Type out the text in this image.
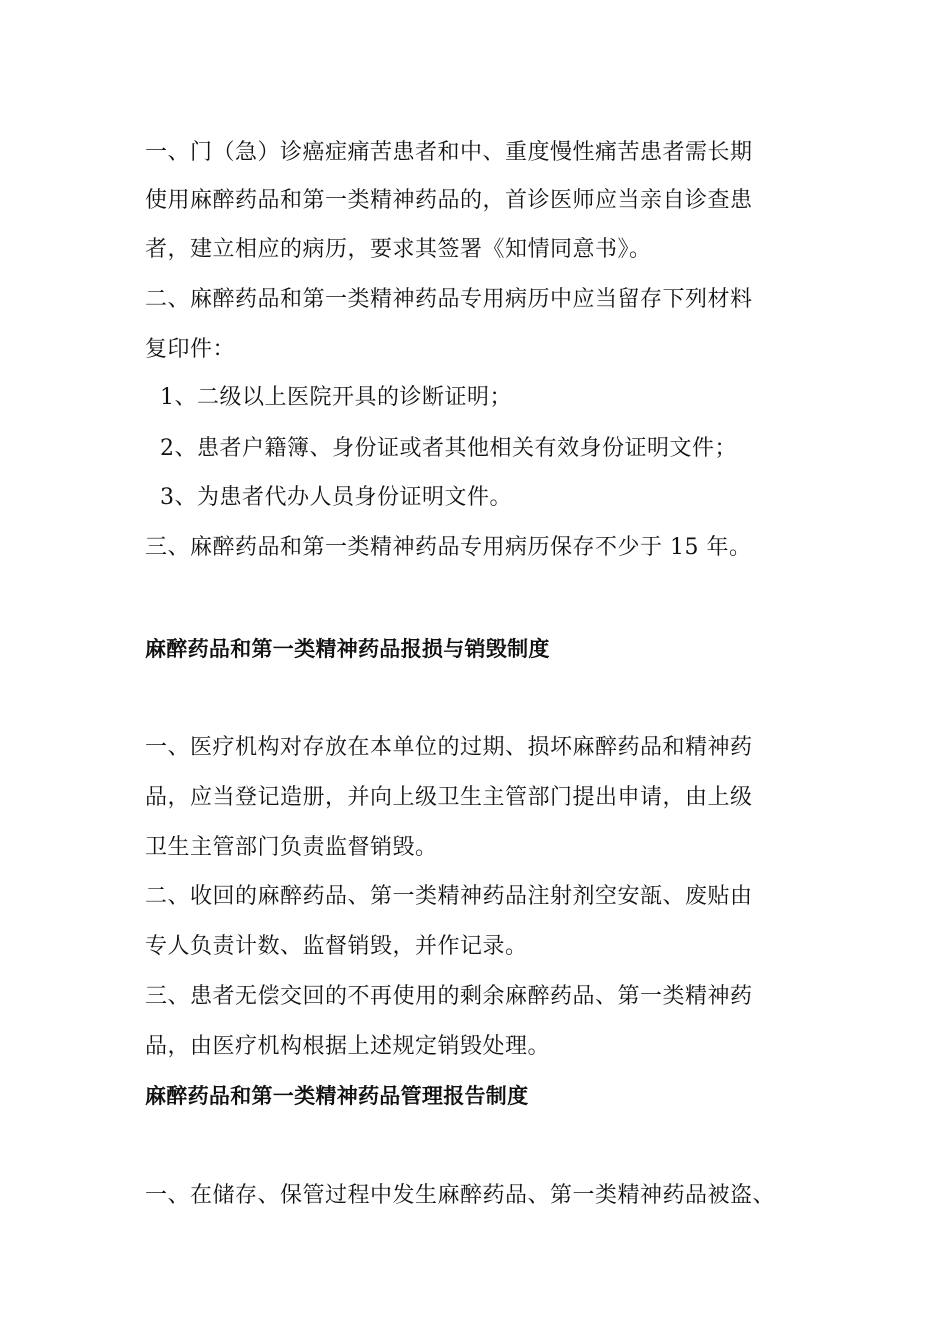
一、门（急）诊癌症痛苦患者和中、重度慢性痛苦患者需长期
使用麻醉药品和第一类精神药品的，首诊医师应当亲自诊查患
者，建立相应的病历，要求其签署《知情同意书》。
二、麻醉药品和第一类精神药品专用病历中应当留存下列材料
复印件：
1、二级以上医院开具的诊断证明；
2、患者户籍簿、身份证或者其他相关有效身份证明文件；
3、为患者代办人员身份证明文件。
三、麻醉药品和第一类精神药品专用病历保存不少于 15 年。
麻醉药品和第一类精神药品报损与销毁制度
一、医疗机构对存放在本单位的过期、损坏麻醉药品和精神药
品，应当登记造册，并向上级卫生主管部门提出申请，由上级
卫生主管部门负责监督销毁。
二、收回的麻醉药品、第一类精神药品注射剂空安瓿、废贴由
专人负责计数、监督销毁，并作记录。
三、患者无偿交回的不再使用的剩余麻醉药品、第一类精神药
品，由医疗机构根据上述规定销毁处理。
麻醉药品和第一类精神药品管理报告制度
一、在储存、保管过程中发生麻醉药品、第一类精神药品被盗、
